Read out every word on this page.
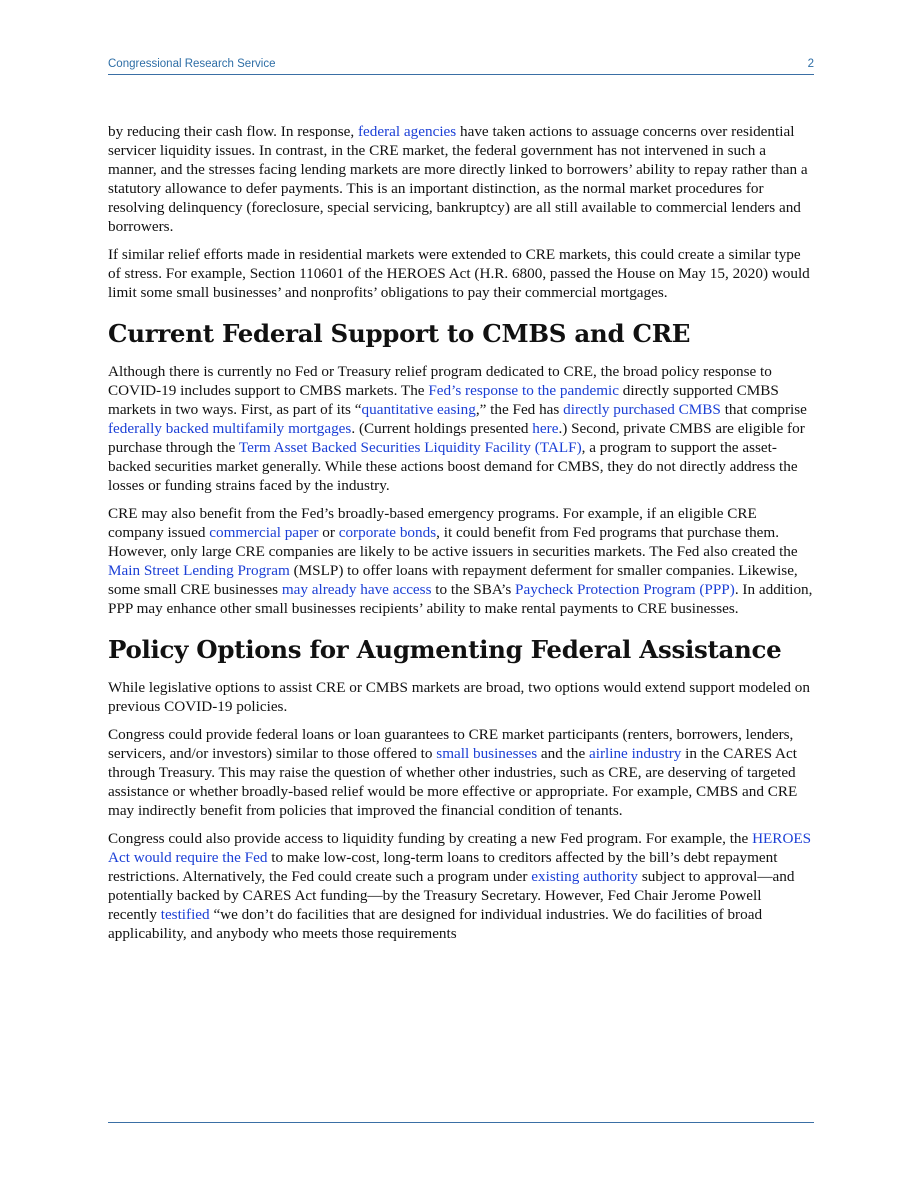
Congressional Research Service	2

by reducing their cash flow. In response, federal agencies have taken actions to assuage concerns over residential servicer liquidity issues. In contrast, in the CRE market, the federal government has not intervened in such a manner, and the stresses facing lending markets are more directly linked to borrowers’ ability to repay rather than a statutory allowance to defer payments. This is an important distinction, as the normal market procedures for resolving delinquency (foreclosure, special servicing, bankruptcy) are all still available to commercial lenders and borrowers.

If similar relief efforts made in residential markets were extended to CRE markets, this could create a similar type of stress. For example, Section 110601 of the HEROES Act (H.R. 6800, passed the House on May 15, 2020) would limit some small businesses’ and nonprofits’ obligations to pay their commercial mortgages.

Current Federal Support to CMBS and CRE

Although there is currently no Fed or Treasury relief program dedicated to CRE, the broad policy response to COVID-19 includes support to CMBS markets. The Fed’s response to the pandemic directly supported CMBS markets in two ways. First, as part of its “quantitative easing,” the Fed has directly purchased CMBS that comprise federally backed multifamily mortgages. (Current holdings presented here.) Second, private CMBS are eligible for purchase through the Term Asset Backed Securities Liquidity Facility (TALF), a program to support the asset-backed securities market generally. While these actions boost demand for CMBS, they do not directly address the losses or funding strains faced by the industry.

CRE may also benefit from the Fed’s broadly-based emergency programs. For example, if an eligible CRE company issued commercial paper or corporate bonds, it could benefit from Fed programs that purchase them. However, only large CRE companies are likely to be active issuers in securities markets. The Fed also created the Main Street Lending Program (MSLP) to offer loans with repayment deferment for smaller companies. Likewise, some small CRE businesses may already have access to the SBA’s Paycheck Protection Program (PPP). In addition, PPP may enhance other small businesses recipients’ ability to make rental payments to CRE businesses.

Policy Options for Augmenting Federal Assistance

While legislative options to assist CRE or CMBS markets are broad, two options would extend support modeled on previous COVID-19 policies.

Congress could provide federal loans or loan guarantees to CRE market participants (renters, borrowers, lenders, servicers, and/or investors) similar to those offered to small businesses and the airline industry in the CARES Act through Treasury. This may raise the question of whether other industries, such as CRE, are deserving of targeted assistance or whether broadly-based relief would be more effective or appropriate. For example, CMBS and CRE may indirectly benefit from policies that improved the financial condition of tenants.

Congress could also provide access to liquidity funding by creating a new Fed program. For example, the HEROES Act would require the Fed to make low-cost, long-term loans to creditors affected by the bill’s debt repayment restrictions. Alternatively, the Fed could create such a program under existing authority subject to approval—and potentially backed by CARES Act funding—by the Treasury Secretary. However, Fed Chair Jerome Powell recently testified “we don’t do facilities that are designed for individual industries. We do facilities of broad applicability, and anybody who meets those requirements
